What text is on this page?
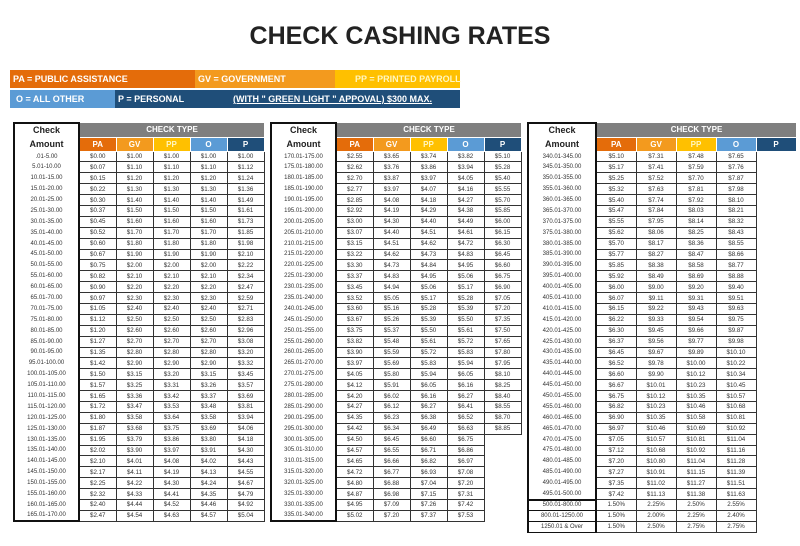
CHECK CASHING RATES
PA = PUBLIC ASSISTANCE	GV = GOVERNMENT	PP = PRINTED PAYROLL
O = ALL OTHER	P = PERSONAL	(WITH " GREEN LIGHT " APPOVAL) $300 MAX.
Check	CHECK TYPE				
Amount	PA	GV	PP	O	P
.01-5.00	$0.00	$1.00	$1.00	$1.00	$1.00
5.01-10.00	$0.07	$1.10	$1.10	$1.10	$1.12
10.01-15.00	$0.15	$1.20	$1.20	$1.20	$1.24
15.01-20.00	$0.22	$1.30	$1.30	$1.30	$1.36
20.01-25.00	$0.30	$1.40	$1.40	$1.40	$1.49
25.01-30.00	$0.37	$1.50	$1.50	$1.50	$1.61
30.01-35.00	$0.45	$1.60	$1.60	$1.60	$1.73
35.01-40.00	$0.52	$1.70	$1.70	$1.70	$1.85
40.01-45.00	$0.60	$1.80	$1.80	$1.80	$1.98
45.01-50.00	$0.67	$1.90	$1.90	$1.90	$2.10
50.01-55.00	$0.75	$2.00	$2.00	$2.00	$2.22
55.01-60.00	$0.82	$2.10	$2.10	$2.10	$2.34
60.01-65.00	$0.90	$2.20	$2.20	$2.20	$2.47
65.01-70.00	$0.97	$2.30	$2.30	$2.30	$2.59
70.01-75.00	$1.05	$2.40	$2.40	$2.40	$2.71
75.01-80.00	$1.12	$2.50	$2.50	$2.50	$2.83
80.01-85.00	$1.20	$2.60	$2.60	$2.60	$2.96
85.01-90.00	$1.27	$2.70	$2.70	$2.70	$3.08
90.01-95.00	$1.35	$2.80	$2.80	$2.80	$3.20
95.01-100.00	$1.42	$2.90	$2.90	$2.90	$3.32
100.01-105.00	$1.50	$3.15	$3.20	$3.15	$3.45
105.01-110.00	$1.57	$3.25	$3.31	$3.26	$3.57
110.01-115.00	$1.65	$3.36	$3.42	$3.37	$3.69
115.01-120.00	$1.72	$3.47	$3.53	$3.48	$3.81
120.01-125.00	$1.80	$3.58	$3.64	$3.58	$3.94
125.01-130.00	$1.87	$3.68	$3.75	$3.69	$4.06
130.01-135.00	$1.95	$3.79	$3.86	$3.80	$4.18
135.01-140.00	$2.02	$3.90	$3.97	$3.91	$4.30
140.01-145.00	$2.10	$4.01	$4.08	$4.02	$4.43
145.01-150.00	$2.17	$4.11	$4.19	$4.13	$4.55
150.01-155.00	$2.25	$4.22	$4.30	$4.24	$4.67
155.01-160.00	$2.32	$4.33	$4.41	$4.35	$4.79
160.01-165.00	$2.40	$4.44	$4.52	$4.46	$4.92
165.01-170.00	$2.47	$4.54	$4.63	$4.57	$5.04
Check	CHECK TYPE				
Amount	PA	GV	PP	O	P
170.01-175.00	$2.55	$3.65	$3.74	$3.82	$5.10
175.01-180.00	$2.62	$3.76	$3.86	$3.94	$5.28
180.01-185.00	$2.70	$3.87	$3.97	$4.05	$5.40
185.01-190.00	$2.77	$3.97	$4.07	$4.16	$5.55
190.01-195.00	$2.85	$4.08	$4.18	$4.27	$5.70
195.01-200.00	$2.92	$4.19	$4.29	$4.38	$5.85
200.01-205.00	$3.00	$4.30	$4.40	$4.49	$6.00
205.01-210.00	$3.07	$4.40	$4.51	$4.61	$6.15
210.01-215.00	$3.15	$4.51	$4.62	$4.72	$6.30
215.01-220.00	$3.22	$4.62	$4.73	$4.83	$6.45
220.01-225.00	$3.30	$4.73	$4.84	$4.95	$6.60
225.01-230.00	$3.37	$4.83	$4.95	$5.06	$6.75
230.01-235.00	$3.45	$4.94	$5.06	$5.17	$6.90
235.01-240.00	$3.52	$5.05	$5.17	$5.28	$7.05
240.01-245.00	$3.60	$5.16	$5.28	$5.39	$7.20
245.01-250.00	$3.67	$5.26	$5.39	$5.50	$7.35
250.01-255.00	$3.75	$5.37	$5.50	$5.61	$7.50
255.01-260.00	$3.82	$5.48	$5.61	$5.72	$7.65
260.01-265.00	$3.90	$5.59	$5.72	$5.83	$7.80
265.01-270.00	$3.97	$5.69	$5.83	$5.94	$7.95
270.01-275.00	$4.05	$5.80	$5.94	$6.05	$8.10
275.01-280.00	$4.12	$5.91	$6.05	$6.16	$8.25
280.01-285.00	$4.20	$6.02	$6.16	$6.27	$8.40
285.01-290.00	$4.27	$6.12	$6.27	$6.41	$8.55
290.01-295.00	$4.35	$6.23	$6.38	$6.52	$8.70
295.01-300.00	$4.42	$6.34	$6.49	$6.63	$8.85
300.01-305.00	$4.50	$6.45	$6.60	$6.75	
305.01-310.00	$4.57	$6.55	$6.71	$6.86	
310.01-315.00	$4.65	$6.66	$6.82	$6.97	
315.01-320.00	$4.72	$6.77	$6.93	$7.08	
320.01-325.00	$4.80	$6.88	$7.04	$7.20	
325.01-330.00	$4.87	$6.98	$7.15	$7.31	
330.01-335.00	$4.95	$7.09	$7.26	$7.42	
335.01-340.00	$5.02	$7.20	$7.37	$7.53	
Check	CHECK TYPE				
Amount	PA	GV	PP	O	P
340.01-345.00	$5.10	$7.31	$7.48	$7.65	
345.01-350.00	$5.17	$7.41	$7.59	$7.76	
350.01-355.00	$5.25	$7.52	$7.70	$7.87	
355.01-360.00	$5.32	$7.63	$7.81	$7.98	
360.01-365.00	$5.40	$7.74	$7.92	$8.10	
365.01-370.00	$5.47	$7.84	$8.03	$8.21	
370.01-375.00	$5.55	$7.95	$8.14	$8.32	
375.01-380.00	$5.62	$8.06	$8.25	$8.43	
380.01-385.00	$5.70	$8.17	$8.36	$8.55	
385.01-390.00	$5.77	$8.27	$8.47	$8.66	
390.01-395.00	$5.85	$8.38	$8.58	$8.77	
395.01-400.00	$5.92	$8.49	$8.69	$8.88	
400.01-405.00	$6.00	$9.00	$9.20	$9.40	
405.01-410.00	$6.07	$9.11	$9.31	$9.51	
410.01-415.00	$6.15	$9.22	$9.43	$9.63	
415.01-420.00	$6.22	$9.33	$9.54	$9.75	
420.01-425.00	$6.30	$9.45	$9.66	$9.87	
425.01-430.00	$6.37	$9.56	$9.77	$9.98	
430.01-435.00	$6.45	$9.67	$9.89	$10.10	
435.01-440.00	$6.52	$9.78	$10.00	$10.22	
440.01-445.00	$6.60	$9.90	$10.12	$10.34	
445.01-450.00	$6.67	$10.01	$10.23	$10.45	
450.01-455.00	$6.75	$10.12	$10.35	$10.57	
455.01-460.00	$6.82	$10.23	$10.46	$10.68	
460.01-465.00	$6.90	$10.35	$10.58	$10.81	
465.01-470.00	$6.97	$10.46	$10.69	$10.92	
470.01-475.00	$7.05	$10.57	$10.81	$11.04	
475.01-480.00	$7.12	$10.68	$10.92	$11.16	
480.01-485.00	$7.20	$10.80	$11.04	$11.28	
485.01-490.00	$7.27	$10.91	$11.15	$11.39	
490.01-495.00	$7.35	$11.02	$11.27	$11.51	
495.01-500.00	$7.42	$11.13	$11.38	$11.63	
500.01-800.00	1.50%	2.25%	2.50%	2.55%	
800.01-1250.00	1.50%	2.00%	2.25%	2.40%	
1250.01 & Over	1.50%	2.50%	2.75%	2.75%	
